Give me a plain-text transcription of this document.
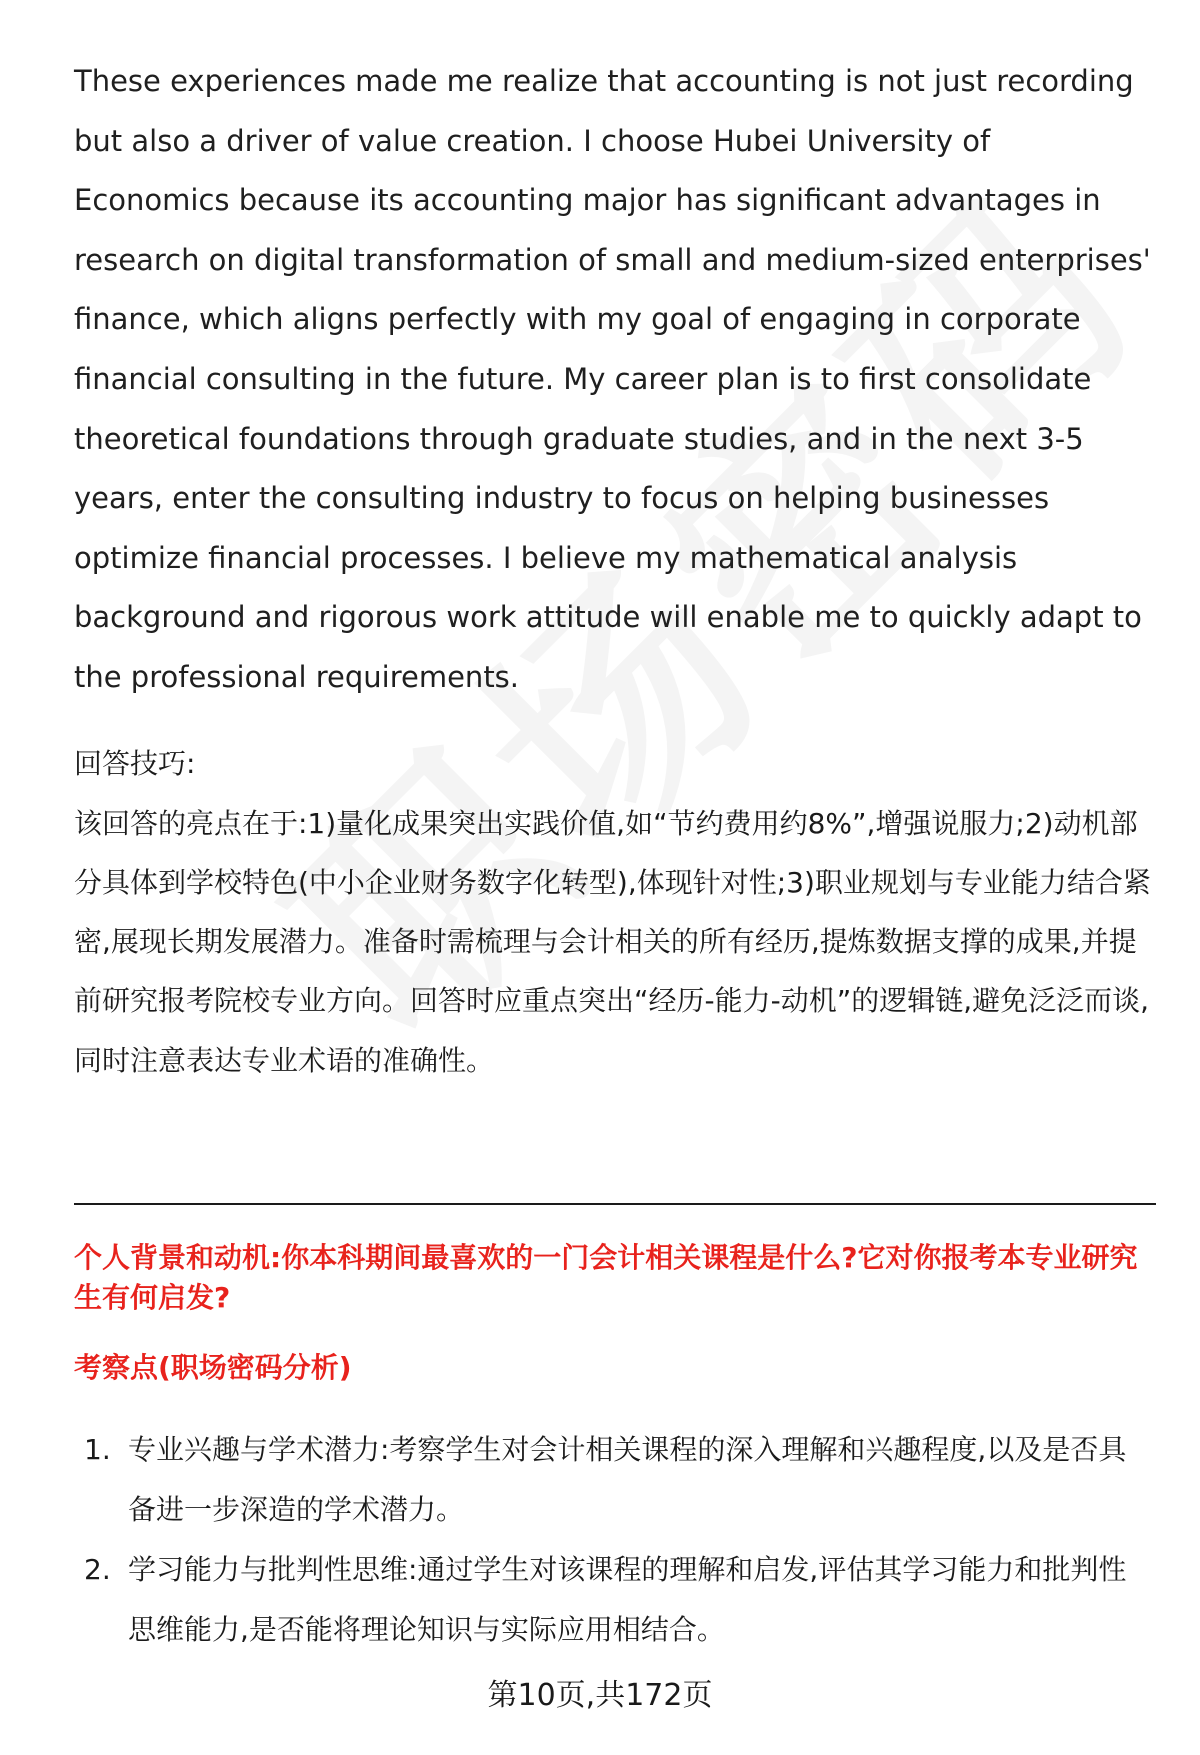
These experiences made me realize that accounting is not just recording but also a driver of value creation. I choose Hubei University of Economics because its accounting major has significant advantages in research on digital transformation of small and medium-sized enterprises' finance, which aligns perfectly with my goal of engaging in corporate financial consulting in the future. My career plan is to first consolidate theoretical foundations through graduate studies, and in the next 3-5 years, enter the consulting industry to focus on helping businesses optimize financial processes. I believe my mathematical analysis background and rigorous work attitude will enable me to quickly adapt to the professional requirements.

回答技巧:

该回答的亮点在于:1)量化成果突出实践价值,如“节约费用约8%”,增强说服力;2)动机部分具体到学校特色(中小企业财务数字化转型),体现针对性;3)职业规划与专业能力结合紧密,展现长期发展潜力。准备时需梳理与会计相关的所有经历,提炼数据支撑的成果,并提前研究报考院校专业方向。回答时应重点突出“经历-能力-动机”的逻辑链,避免泛泛而谈,同时注意表达专业术语的准确性。

个人背景和动机:你本科期间最喜欢的一门会计相关课程是什么?它对你报考本专业研究生有何启发?

考察点(职场密码分析)

1. 专业兴趣与学术潜力:考察学生对会计相关课程的深入理解和兴趣程度,以及是否具备进一步深造的学术潜力。
2. 学习能力与批判性思维:通过学生对该课程的理解和启发,评估其学习能力和批判性思维能力,是否能将理论知识与实际应用相结合。
第10页,共172页
